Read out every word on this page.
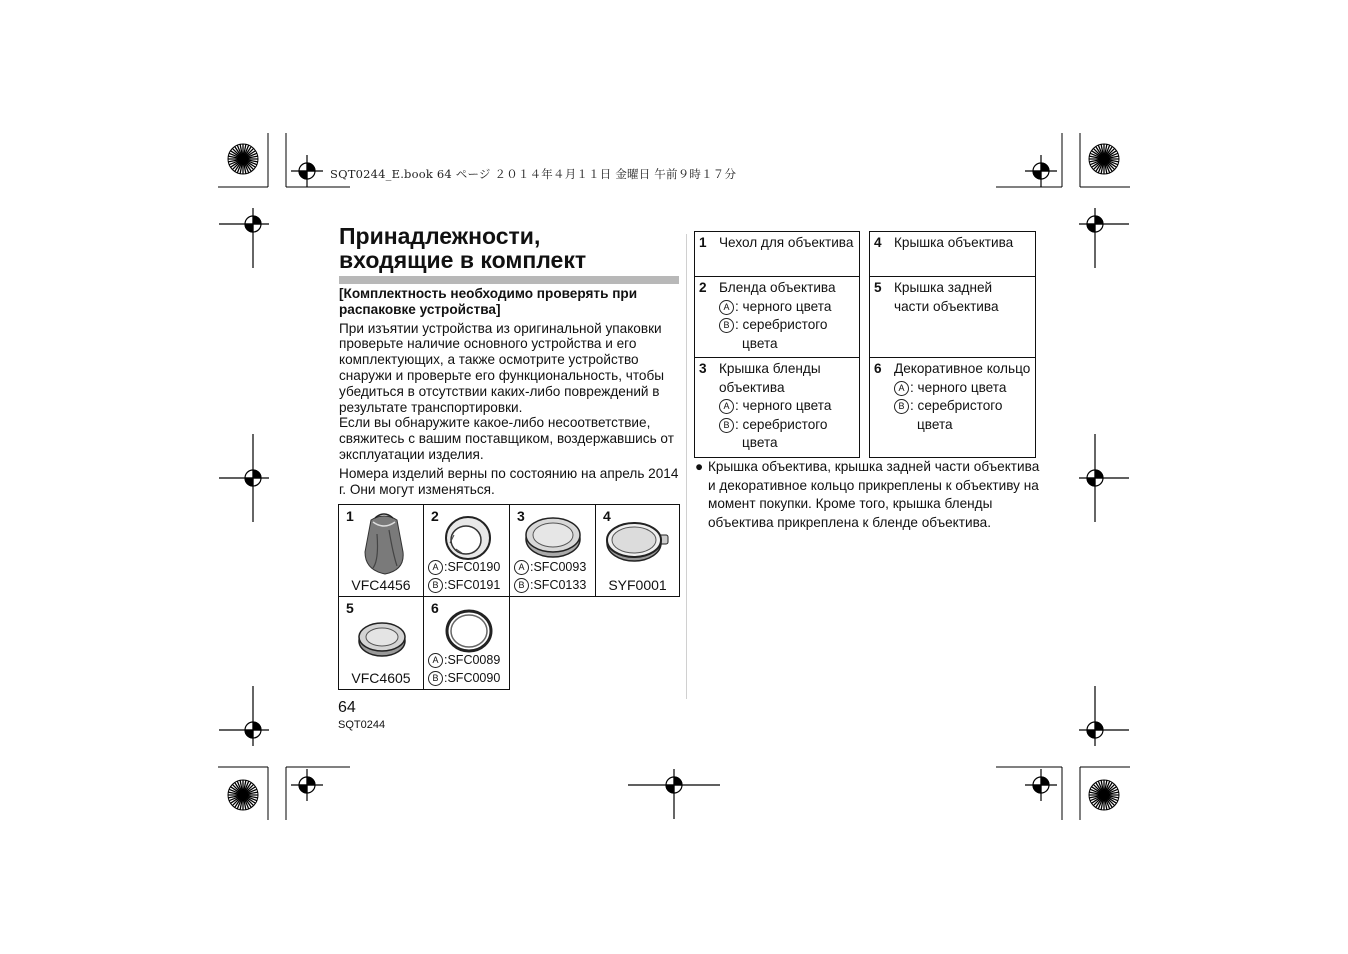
SQT0244_E.book 64 ページ ２０１４年４月１１日 金曜日 午前９時１７分
Принадлежности,
входящие в комплект

[Комплектность необходимо проверять при распаковке устройства]

При изъятии устройства из оригинальной упаковки проверьте наличие основного устройства и его комплектующих, а также осмотрите устройство снаружи и проверьте его функциональность, чтобы убедиться в отсутствии каких-либо повреждений в результате транспортировки.

Если вы обнаружите какое-либо несоответствие, свяжитесь с вашим поставщиком, воздержавшись от эксплуатации изделия.

Номера изделий верны по состоянию на апрель 2014 г. Они могут изменяться.

1
VFC4456
2
A :SFC0190
B :SFC0191
3
A :SFC0093
B :SFC0133
4
SYF0001
5
VFC4605
6
A :SFC0089
B :SFC0090
1 Чехол для объектива 4 Крышка объектива
2 Бленда объектива
A : черного цвета
B : серебристого
цвета
5 Крышка задней части объектива
3 Крышка бленды объектива
A : черного цвета
B : серебристого
цвета
6 Декоративное кольцо
A : черного цвета
B : серебристого
цвета
● Крышка объектива, крышка задней части объектива и декоративное кольцо прикреплены к объективу на момент покупки. Кроме того, крышка бленды объектива прикреплена к бленде объектива.
64
SQT0244
